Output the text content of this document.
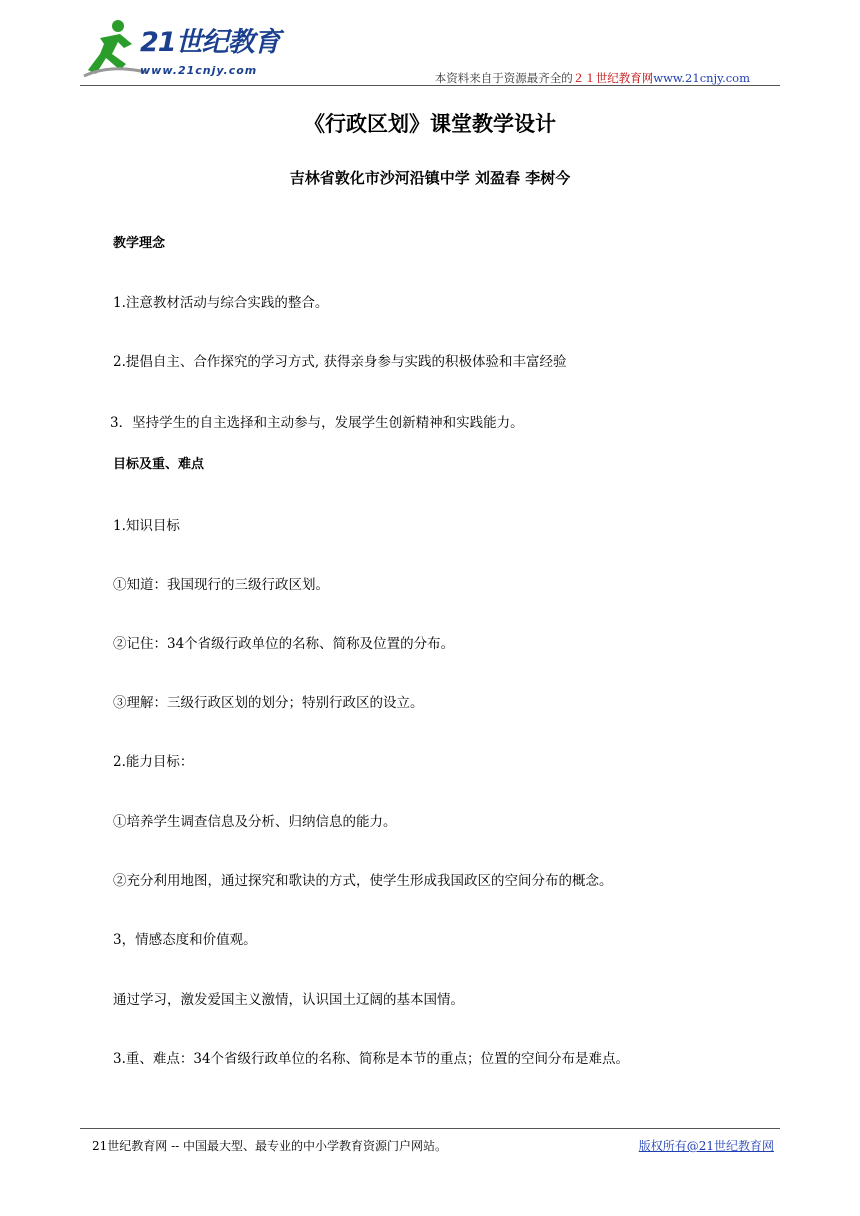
21世纪教育
www.21cnjy.com
本资料来自于资源最齐全的２１世纪教育网www.21cnjy.com
《行政区划》课堂教学设计
吉林省敦化市沙河沿镇中学 刘盈春 李树今
教学理念
1.注意教材活动与综合实践的整合。
2.提倡自主、合作探究的学习方式, 获得亲身参与实践的积极体验和丰富经验
3．坚持学生的自主选择和主动参与，发展学生创新精神和实践能力。
目标及重、难点
1.知识目标
①知道：我国现行的三级行政区划。
②记住：34个省级行政单位的名称、简称及位置的分布。
③理解：三级行政区划的划分；特别行政区的设立。
2.能力目标：
①培养学生调查信息及分析、归纳信息的能力。
②充分利用地图，通过探究和歌诀的方式，使学生形成我国政区的空间分布的概念。
3，情感态度和价值观。
通过学习，激发爱国主义激情，认识国土辽阔的基本国情。
3.重、难点：34个省级行政单位的名称、简称是本节的重点；位置的空间分布是难点。
21世纪教育网 -- 中国最大型、最专业的中小学教育资源门户网站。	版权所有@21世纪教育网
